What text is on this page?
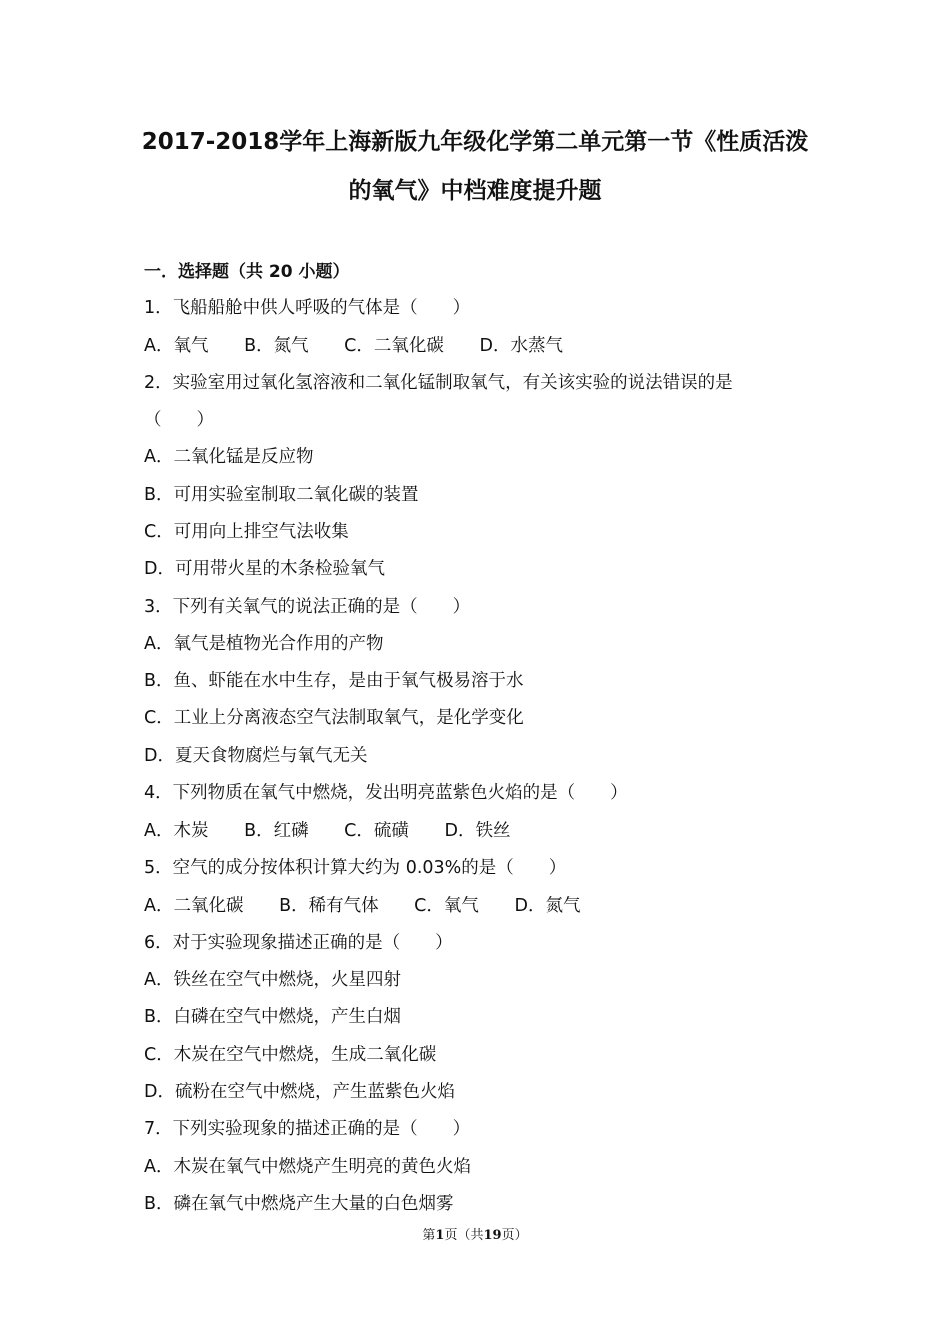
2017-2018学年上海新版九年级化学第二单元第一节《性质活泼
的氧气》中档难度提升题
一．选择题（共 20 小题）
1．飞船船舱中供人呼吸的气体是（　　）
A．氧气 B．氮气 C．二氧化碳 D．水蒸气
2．实验室用过氧化氢溶液和二氧化锰制取氧气，有关该实验的说法错误的是
（　　）
A．二氧化锰是反应物
B．可用实验室制取二氧化碳的装置
C．可用向上排空气法收集
D．可用带火星的木条检验氧气
3．下列有关氧气的说法正确的是（　　）
A．氧气是植物光合作用的产物
B．鱼、虾能在水中生存，是由于氧气极易溶于水
C．工业上分离液态空气法制取氧气，是化学变化
D．夏天食物腐烂与氧气无关
4．下列物质在氧气中燃烧，发出明亮蓝紫色火焰的是（　　）
A．木炭 B．红磷 C．硫磺 D．铁丝
5．空气的成分按体积计算大约为 0.03%的是（　　）
A．二氧化碳 B．稀有气体 C．氧气 D．氮气
6．对于实验现象描述正确的是（　　）
A．铁丝在空气中燃烧，火星四射
B．白磷在空气中燃烧，产生白烟
C．木炭在空气中燃烧，生成二氧化碳
D．硫粉在空气中燃烧，产生蓝紫色火焰
7．下列实验现象的描述正确的是（　　）
A．木炭在氧气中燃烧产生明亮的黄色火焰
B．磷在氧气中燃烧产生大量的白色烟雾
第1页（共19页）
